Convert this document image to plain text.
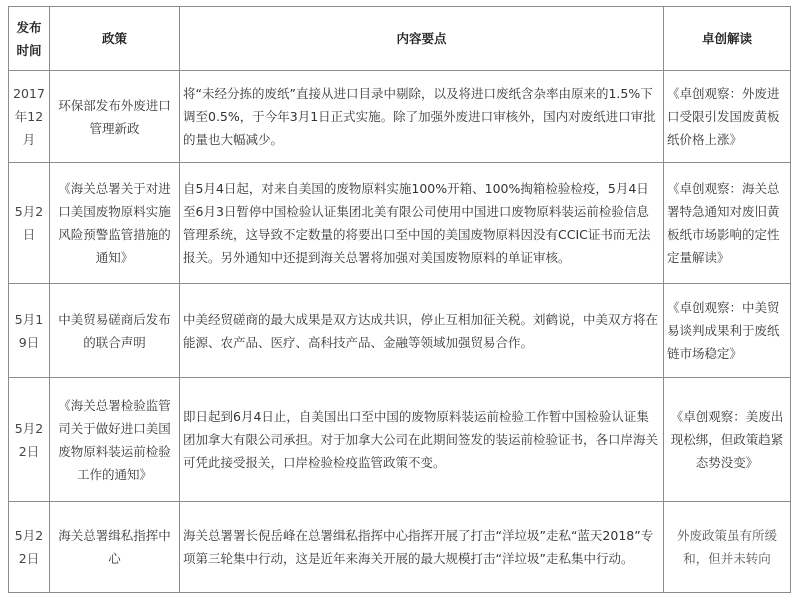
发布时间	政策	内容要点	卓创解读
2017年12月	环保部发布外废进口管理新政	将“未经分拣的废纸”直接从进口目录中剔除，以及将进口废纸含杂率由原来的1.5%下调至0.5%，于今年3月1日正式实施。除了加强外废进口审核外，国内对废纸进口审批的量也大幅减少。	《卓创观察：外废进口受限引发国废黄板纸价格上涨》
5月2日	《海关总署关于对进口美国废物原料实施风险预警监管措施的通知》	自5月4日起，对来自美国的废物原料实施100%开箱、100%掏箱检验检疫，5月4日至6月3日暂停中国检验认证集团北美有限公司使用中国进口废物原料装运前检验信息管理系统，这导致不定数量的将要出口至中国的美国废物原料因没有CCIC证书而无法报关。另外通知中还提到海关总署将加强对美国废物原料的单证审核。	《卓创观察：海关总署特急通知对废旧黄板纸市场影响的定性定量解读》
5月19日	中美贸易磋商后发布的联合声明	中美经贸磋商的最大成果是双方达成共识，停止互相加征关税。刘鹤说，中美双方将在能源、农产品、医疗、高科技产品、金融等领域加强贸易合作。	《卓创观察：中美贸易谈判成果利于废纸链市场稳定》
5月22日	《海关总署检验监管司关于做好进口美国废物原料装运前检验工作的通知》	即日起到6月4日止，自美国出口至中国的废物原料装运前检验工作暂中国检验认证集团加拿大有限公司承担。对于加拿大公司在此期间签发的装运前检验证书，各口岸海关可凭此接受报关，口岸检验检疫监管政策不变。	《卓创观察：美废出现松绑，但政策趋紧态势没变》
5月22日	海关总署缉私指挥中心	海关总署署长倪岳峰在总署缉私指挥中心指挥开展了打击“洋垃圾”走私“蓝天2018”专项第三轮集中行动，这是近年来海关开展的最大规模打击“洋垃圾”走私集中行动。	外废政策虽有所缓和，但并未转向
